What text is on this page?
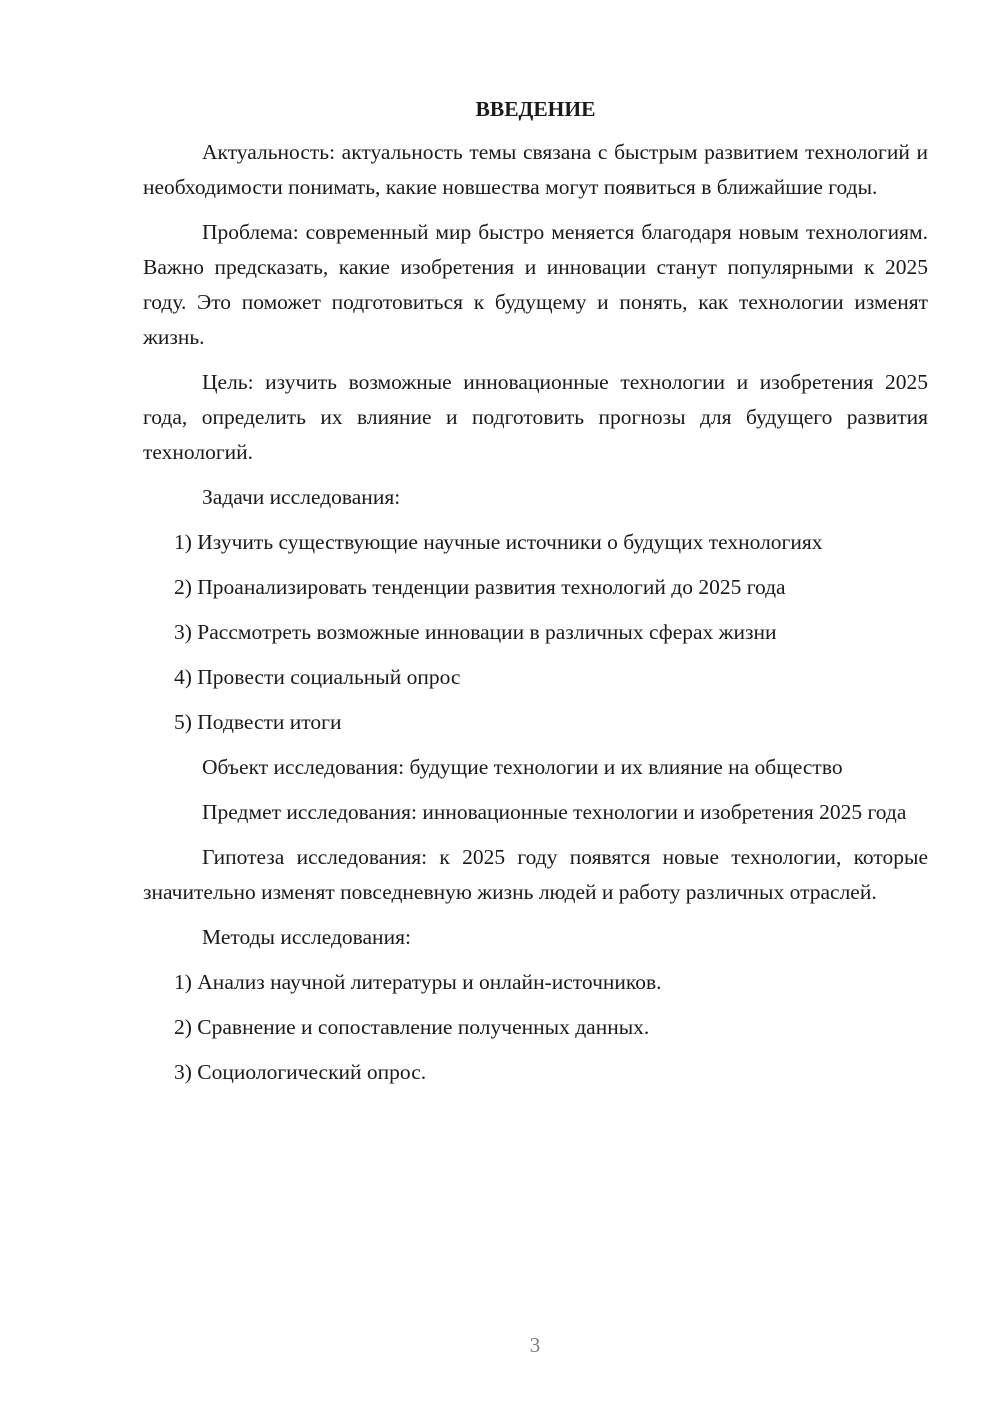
ВВЕДЕНИЕ

Актуальность: актуальность темы связана с быстрым развитием технологий и необходимости понимать, какие новшества могут появиться в ближайшие годы.

Проблема: современный мир быстро меняется благодаря новым технологиям. Важно предсказать, какие изобретения и инновации станут популярными к 2025 году. Это поможет подготовиться к будущему и понять, как технологии изменят жизнь.

Цель: изучить возможные инновационные технологии и изобретения 2025 года, определить их влияние и подготовить прогнозы для будущего развития технологий.

Задачи исследования:

1) Изучить существующие научные источники о будущих технологиях

2) Проанализировать тенденции развития технологий до 2025 года

3) Рассмотреть возможные инновации в различных сферах жизни

4) Провести социальный опрос

5) Подвести итоги

Объект исследования: будущие технологии и их влияние на общество

Предмет исследования: инновационные технологии и изобретения 2025 года

Гипотеза исследования: к 2025 году появятся новые технологии, которые значительно изменят повседневную жизнь людей и работу различных отраслей.

Методы исследования:

1) Анализ научной литературы и онлайн-источников.

2) Сравнение и сопоставление полученных данных.

3) Социологический опрос.

3
